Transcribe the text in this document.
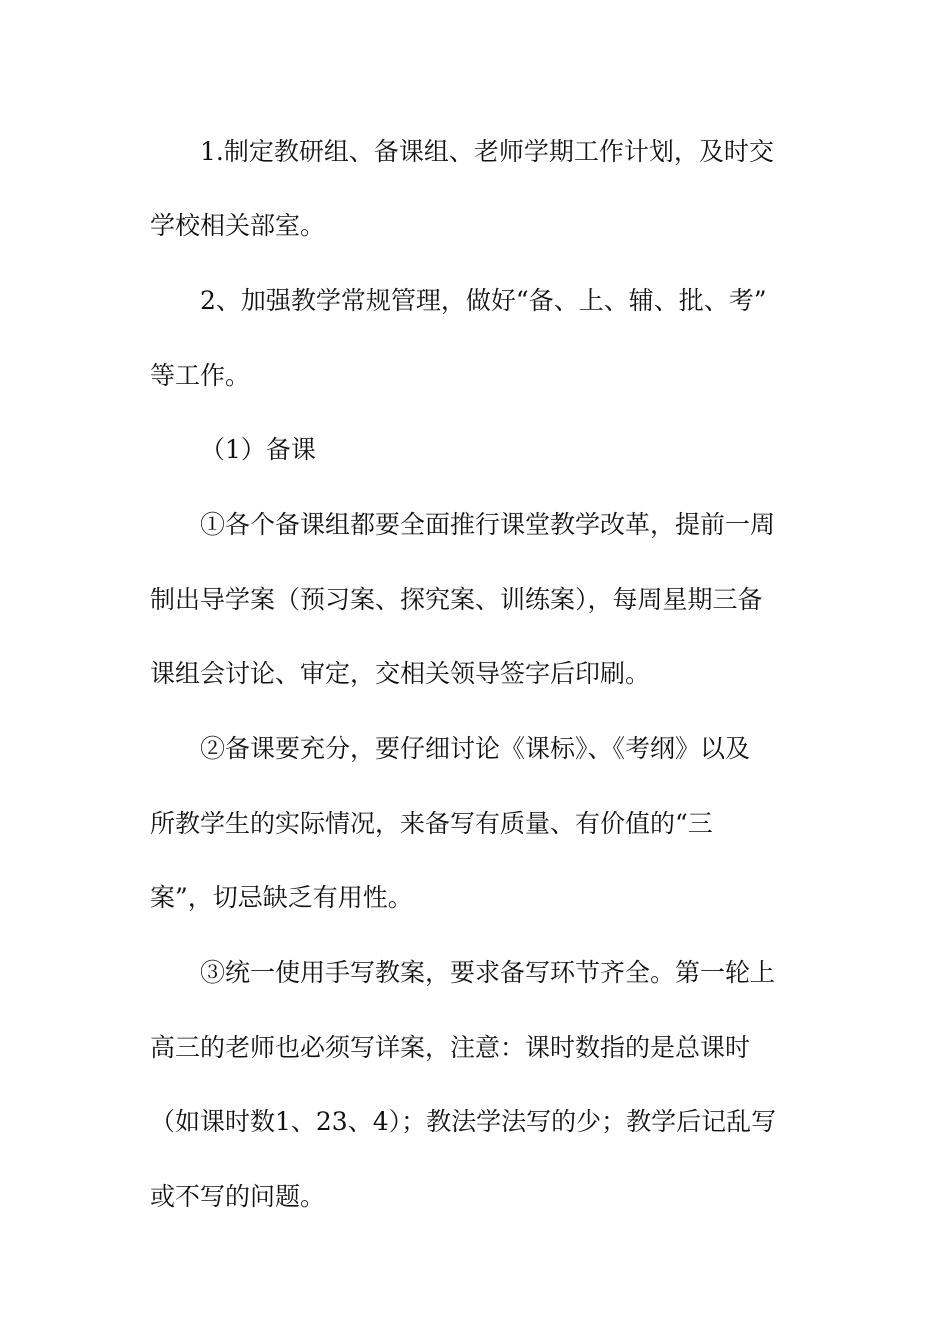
1.制定教研组、备课组、老师学期工作计划，及时交
学校相关部室。
2、加强教学常规管理，做好“备、上、辅、批、考”
等工作。
（1）备课
①各个备课组都要全面推行课堂教学改革，提前一周
制出导学案（预习案、探究案、训练案），每周星期三备
课组会讨论、审定，交相关领导签字后印刷。
②备课要充分，要仔细讨论《课标》、《考纲》以及
所教学生的实际情况，来备写有质量、有价值的“三
案”，切忌缺乏有用性。
③统一使用手写教案，要求备写环节齐全。第一轮上
高三的老师也必须写详案，注意：课时数指的是总课时
（如课时数1、23、4）；教法学法写的少；教学后记乱写
或不写的问题。
